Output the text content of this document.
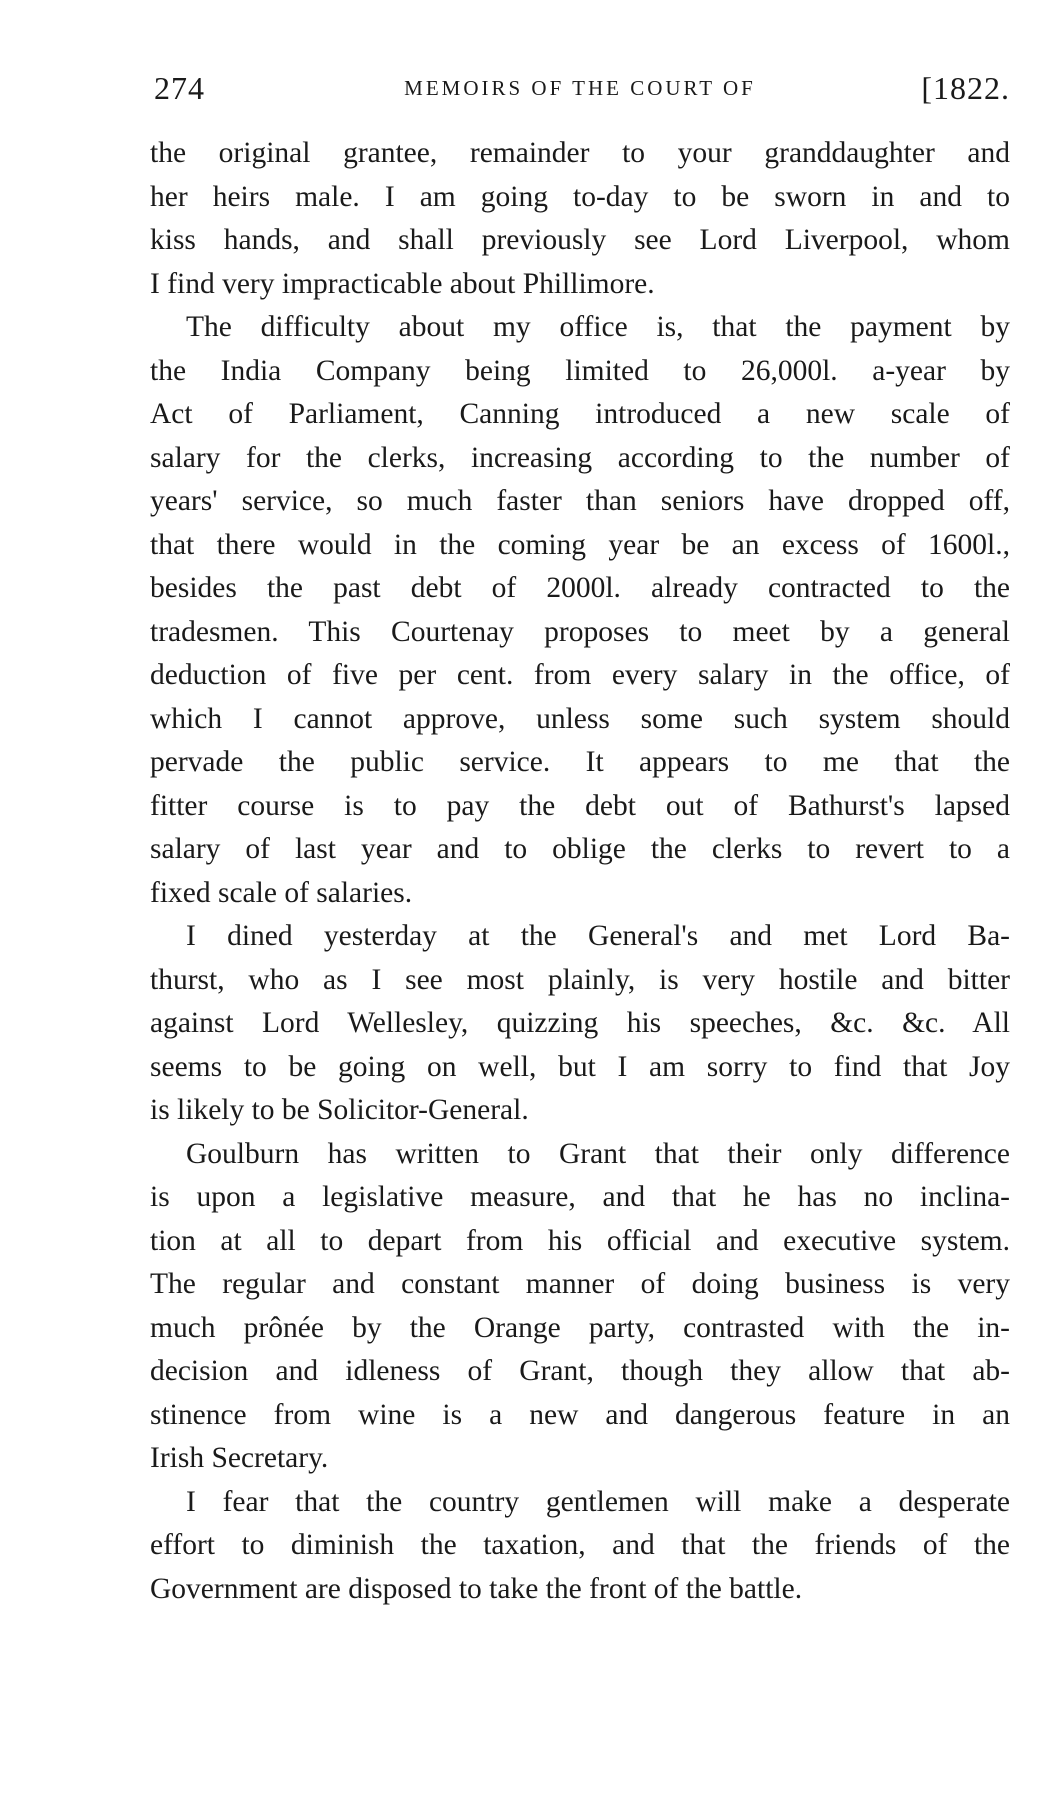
274	MEMOIRS OF THE COURT OF	[1822.
the original grantee, remainder to your granddaughter and
her heirs male. I am going to-day to be sworn in and to
kiss hands, and shall previously see Lord Liverpool, whom
I find very impracticable about Phillimore.
The difficulty about my office is, that the payment by
the India Company being limited to 26,000l. a-year by
Act of Parliament, Canning introduced a new scale of
salary for the clerks, increasing according to the number of
years' service, so much faster than seniors have dropped off,
that there would in the coming year be an excess of 1600l.,
besides the past debt of 2000l. already contracted to the
tradesmen. This Courtenay proposes to meet by a general
deduction of five per cent. from every salary in the office, of
which I cannot approve, unless some such system should
pervade the public service. It appears to me that the
fitter course is to pay the debt out of Bathurst's lapsed
salary of last year and to oblige the clerks to revert to a
fixed scale of salaries.
I dined yesterday at the General's and met Lord Ba-
thurst, who as I see most plainly, is very hostile and bitter
against Lord Wellesley, quizzing his speeches, &c. &c. All
seems to be going on well, but I am sorry to find that Joy
is likely to be Solicitor-General.
Goulburn has written to Grant that their only difference
is upon a legislative measure, and that he has no inclina-
tion at all to depart from his official and executive system.
The regular and constant manner of doing business is very
much prônée by the Orange party, contrasted with the in-
decision and idleness of Grant, though they allow that ab-
stinence from wine is a new and dangerous feature in an
Irish Secretary.
I fear that the country gentlemen will make a desperate
effort to diminish the taxation, and that the friends of the
Government are disposed to take the front of the battle.
